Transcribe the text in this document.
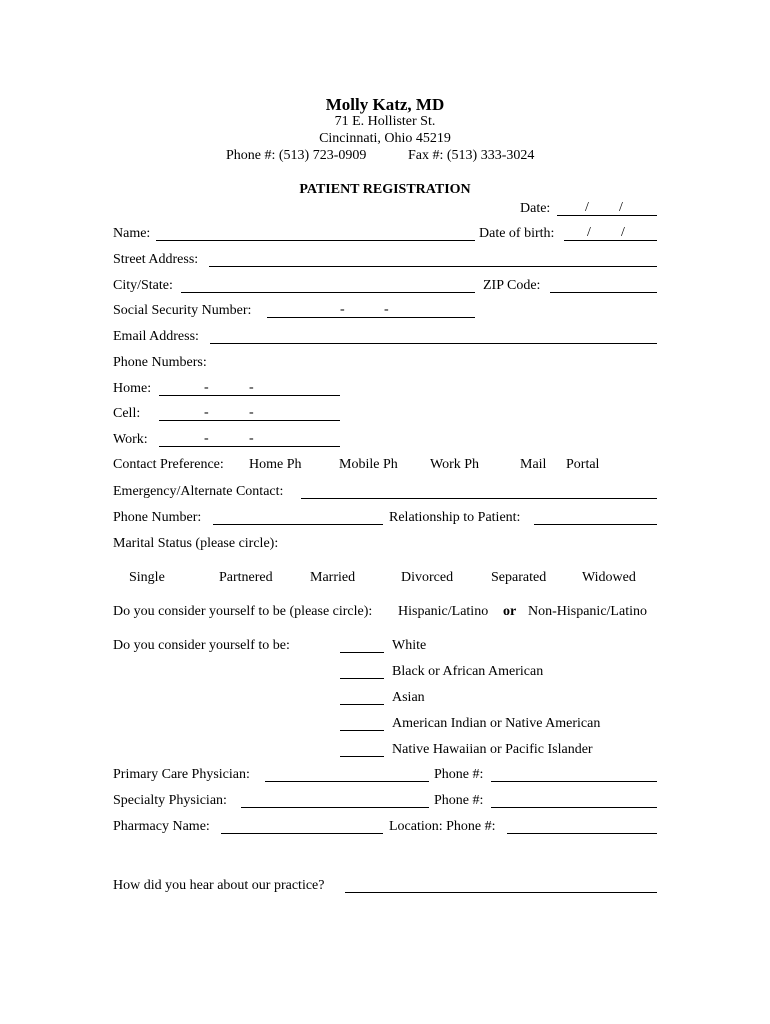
Molly Katz, MD
71 E. Hollister St.
Cincinnati, Ohio 45219
Phone #: (513) 723-0909	Fax #: (513) 333-3024
PATIENT REGISTRATION
Date: / /
Name:	Date of birth: / /
Street Address:
City/State:	ZIP Code:
Social Security Number:	-	-
Email Address:
Phone Numbers:
Home:	-	-
Cell:	-	-
Work:	-	-
Contact Preference: Home Ph	Mobile Ph Work Ph	Mail Portal
Emergency/Alternate Contact:
Phone Number:	Relationship to Patient:
Marital Status (please circle):
Single	Partnered	Married	Divorced	Separated	Widowed
Do you consider yourself to be (please circle): Hispanic/Latino or Non-Hispanic/Latino
Do you consider yourself to be:	White
Black or African American
Asian
American Indian or Native American
Native Hawaiian or Pacific Islander
Primary Care Physician:	Phone #:
Specialty Physician:	Phone #:
Pharmacy Name:	Location: Phone #:
How did you hear about our practice?
